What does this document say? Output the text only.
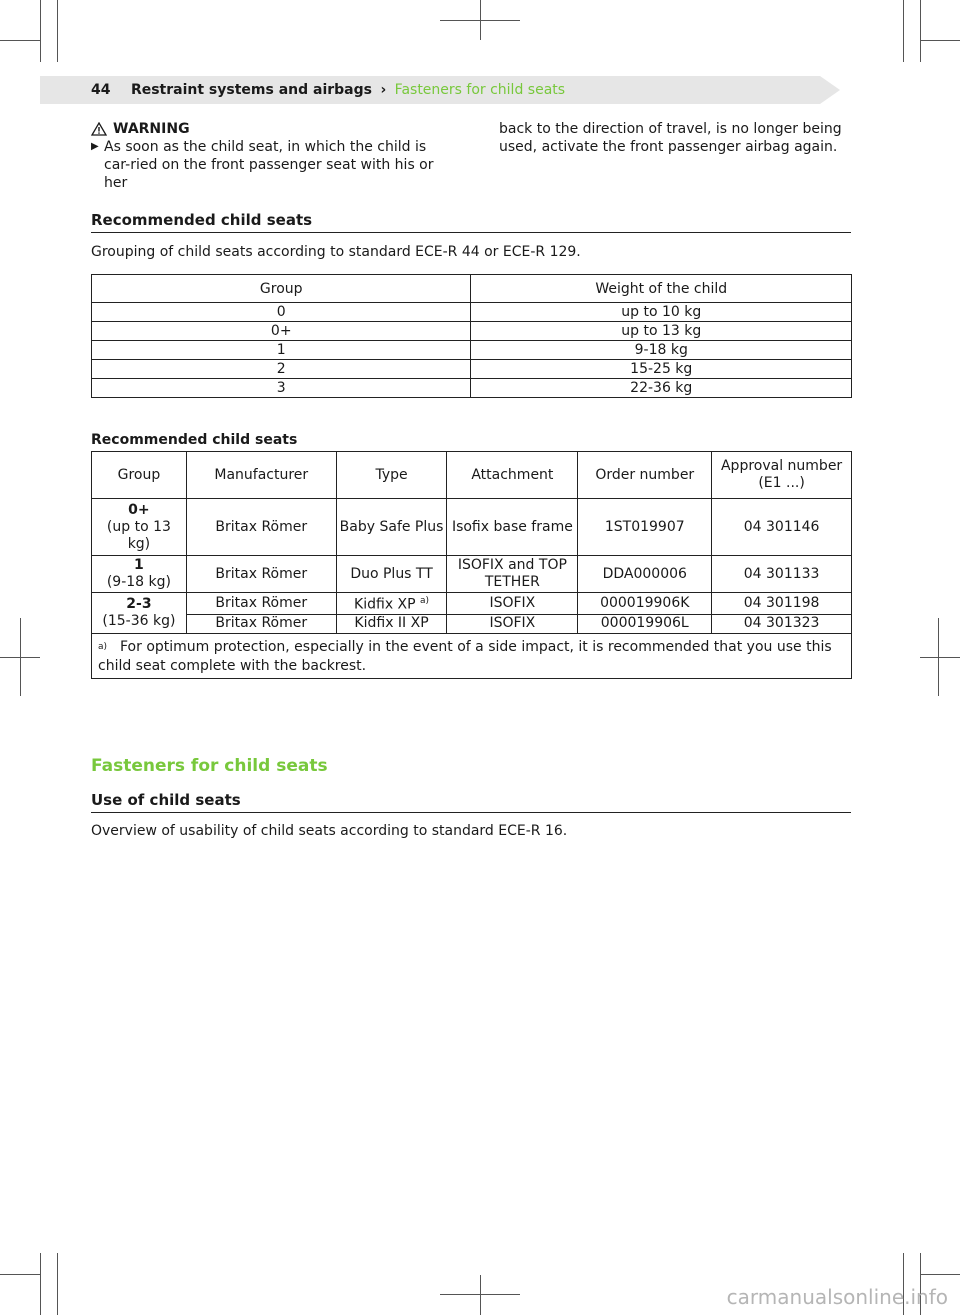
44 Restraint systems and airbags › Fasteners for child seats
WARNING
▶ As soon as the child seat, in which the child is car-ried on the front passenger seat with his or her
back to the direction of travel, is no longer being used, activate the front passenger airbag again.
Recommended child seats
Grouping of child seats according to standard ECE-R 44 or ECE-R 129.
Group	Weight of the child
0	up to 10 kg
0+	up to 13 kg
1	9-18 kg
2	15-25 kg
3	22-36 kg
Recommended child seats
Group	Manufacturer	Type	Attachment	Order number	Approval number (E1 ...)

0+
(up to 13 kg)	Britax Römer	Baby Safe Plus	Isofix base frame	1ST019907	04 301146

1
(9-18 kg)	Britax Römer	Duo Plus TT	ISOFIX and TOP TETHER	DDA000006	04 301133

2-3
(15-36 kg)	Britax Römer	Kidfix XP $^{a)}$	ISOFIX	000019906K	04 301198
	Britax Römer	Kidfix II XP	ISOFIX	000019906L	04 301323
a) For optimum protection, especially in the event of a side impact, it is recommended that you use this child seat complete with the backrest.					
Fasteners for child seats
Use of child seats
Overview of usability of child seats according to standard ECE-R 16.
carmanualsonline.info
